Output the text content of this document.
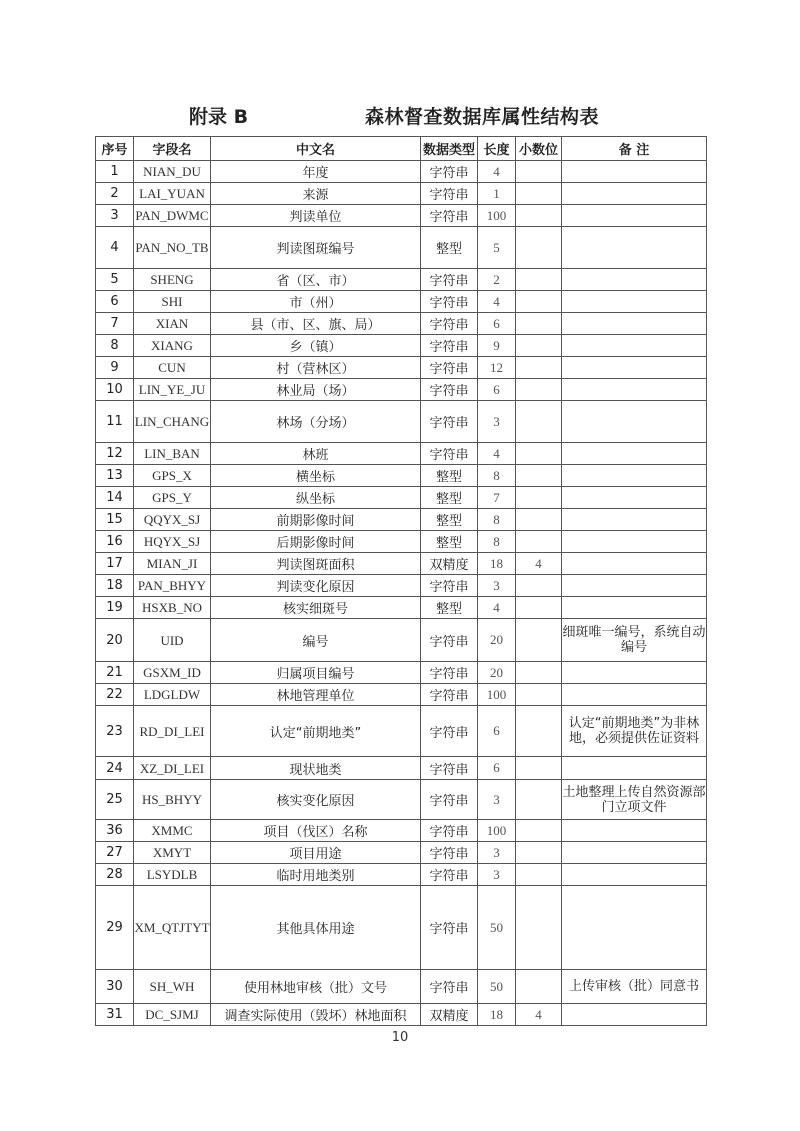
附录 B	森林督查数据库属性结构表
序号	字段名	中文名	数据类型	长度	小数位	备 注
1	NIAN_DU	年度	字符串	4		
2	LAI_YUAN	来源	字符串	1		
3	PAN_DWMC	判读单位	字符串	100		
4	PAN_NO_TB	判读图斑编号	整型	5		
5	SHENG	省（区、市）	字符串	2		
6	SHI	市（州）	字符串	4		
7	XIAN	县（市、区、旗、局）	字符串	6		
8	XIANG	乡（镇）	字符串	9		
9	CUN	村（营林区）	字符串	12		
10	LIN_YE_JU	林业局（场）	字符串	6		
11	LIN_CHANG	林场（分场）	字符串	3		
12	LIN_BAN	林班	字符串	4		
13	GPS_X	横坐标	整型	8		
14	GPS_Y	纵坐标	整型	7		
15	QQYX_SJ	前期影像时间	整型	8		
16	HQYX_SJ	后期影像时间	整型	8		
17	MIAN_JI	判读图斑面积	双精度	18	4	
18	PAN_BHYY	判读变化原因	字符串	3		
19	HSXB_NO	核实细斑号	整型	4		
20	UID	编号	字符串	20		细斑唯一编号，系统自动编号
21	GSXM_ID	归属项目编号	字符串	20		
22	LDGLDW	林地管理单位	字符串	100		
23	RD_DI_LEI	认定“前期地类”	字符串	6		认定“前期地类”为非林地，必须提供佐证资料
24	XZ_DI_LEI	现状地类	字符串	6		
25	HS_BHYY	核实变化原因	字符串	3		土地整理上传自然资源部门立项文件
36	XMMC	项目（伐区）名称	字符串	100		
27	XMYT	项目用途	字符串	3		
28	LSYDLB	临时用地类别	字符串	3		
29	XM_QTJTYT	其他具体用途	字符串	50		
30	SH_WH	使用林地审核（批）文号	字符串	50		上传审核（批）同意书
31	DC_SJMJ	调查实际使用（毁坏）林地面积	双精度	18	4	
10
